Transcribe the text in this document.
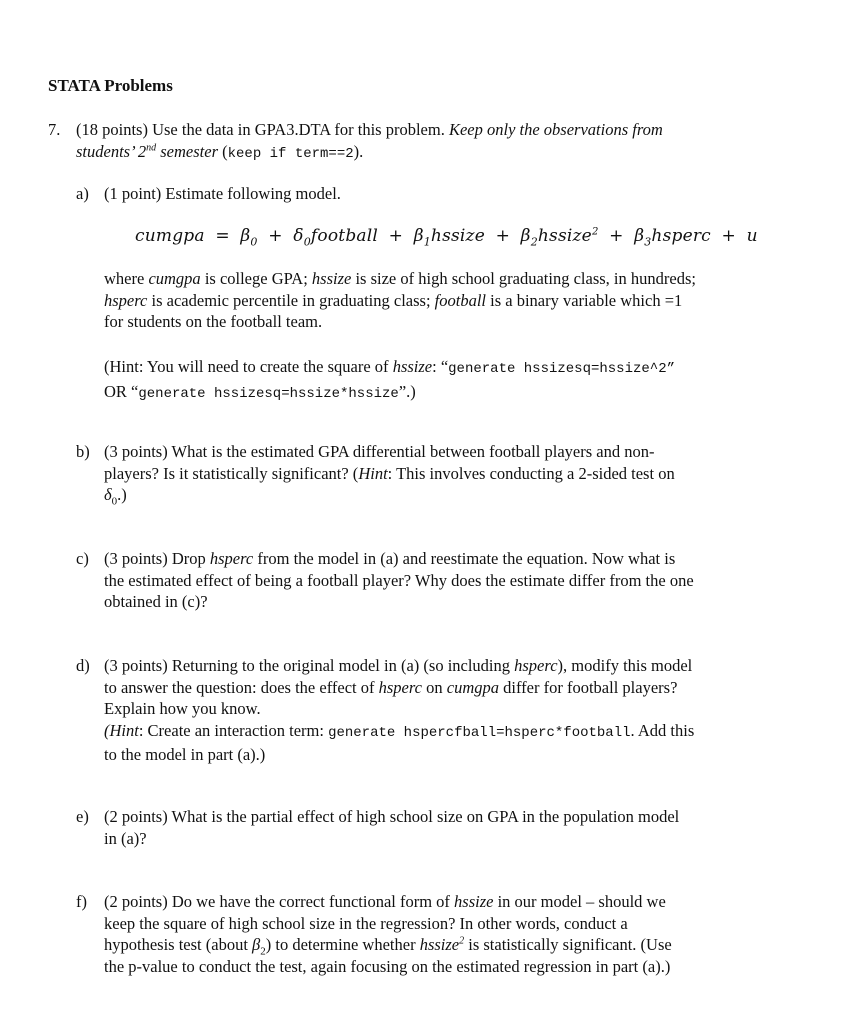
STATA Problems
7. (18 points) Use the data in GPA3.DTA for this problem. Keep only the observations from
students’ 2nd semester (keep if term==2).
a) (1 point) Estimate following model.
cumgpa = $\beta_0$ + $\delta_0football$ + $\beta_1hssize$ + $\beta_2hssize^2$ + $\beta_3hsperc + u$
where cumgpa is college GPA; hssize is size of high school graduating class, in hundreds;
hsperc is academic percentile in graduating class; football is a binary variable which =1
for students on the football team.
(Hint: You will need to create the square of hssize: “generate hssizesq=hssize^2”
OR “generate hssizesq=hssize*hssize”.)
b) (3 points) What is the estimated GPA differential between football players and non-
players? Is it statistically significant? (Hint: This involves conducting a 2-sided test on
$\delta_0$.)
c) (3 points) Drop hsperc from the model in (a) and reestimate the equation. Now what is
the estimated effect of being a football player? Why does the estimate differ from the one
obtained in (c)?
d) (3 points) Returning to the original model in (a) (so including hsperc), modify this model
to answer the question: does the effect of hsperc on cumgpa differ for football players?
Explain how you know.
(Hint: Create an interaction term: generate hspercfball=hsperc*football. Add this
to the model in part (a).)
e) (2 points) What is the partial effect of high school size on GPA in the population model
in (a)?
f) (2 points) Do we have the correct functional form of hssize in our model – should we
keep the square of high school size in the regression? In other words, conduct a
hypothesis test (about $\beta_2$) to determine whether hssize$^2$ is statistically significant. (Use
the p-value to conduct the test, again focusing on the estimated regression in part (a).)
